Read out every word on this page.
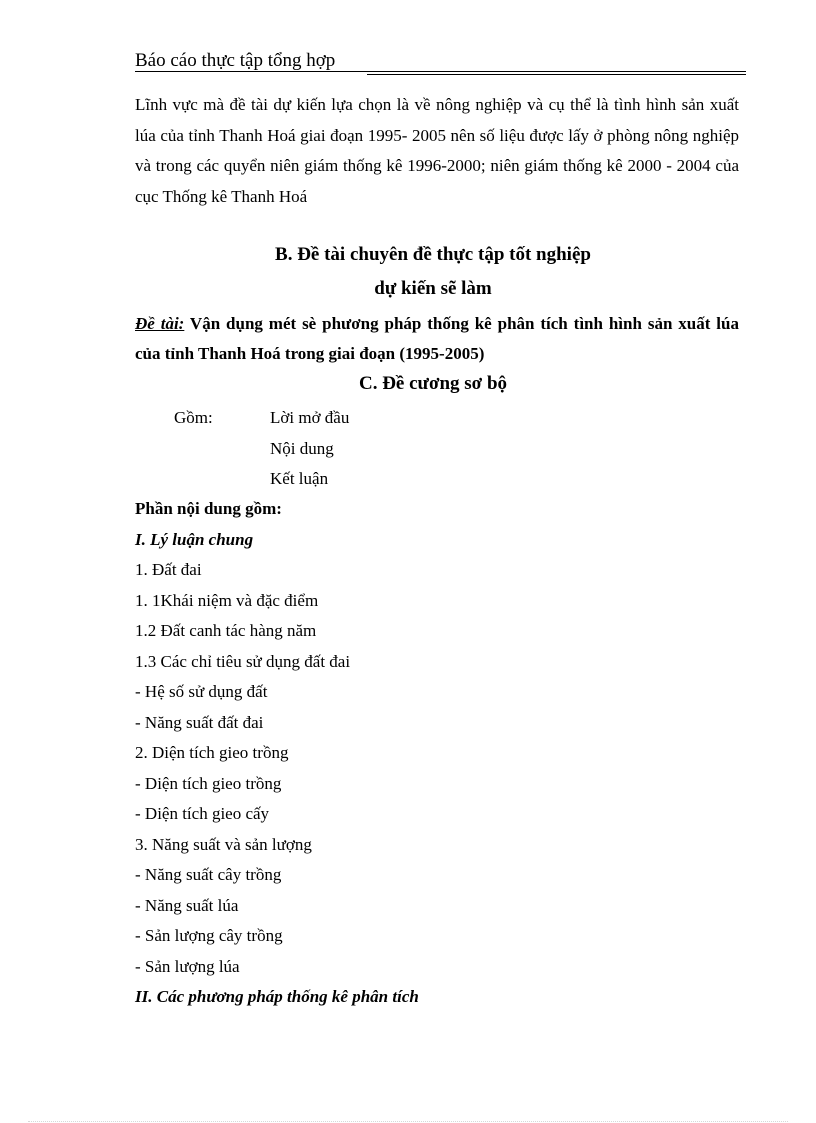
Báo cáo thực tập tổng hợp
Lĩnh vực mà đề tài dự kiến lựa chọn là về nông nghiệp và cụ thể là tình hình sản xuất lúa của tỉnh Thanh Hoá giai đoạn 1995- 2005 nên số liệu được lấy ở phòng nông nghiệp và trong các quyển niên giám thống kê 1996-2000; niên giám thống kê 2000 - 2004 của cục Thống kê Thanh Hoá
B. Đề tài chuyên đề thực tập tốt nghiệp
dự kiến sẽ làm
Đề tài: Vận dụng mét sè phương pháp thống kê phân tích tình hình sản xuất lúa của tỉnh Thanh Hoá trong giai đoạn (1995-2005)
C. Đề cương sơ bộ
Gồm:	Lời mở đầu
Nội dung
Kết luận
Phần nội dung gồm:
I. Lý luận chung
1. Đất đai
1. 1Khái niệm và đặc điểm
1.2 Đất canh tác hàng năm
1.3 Các chỉ tiêu sử dụng đất đai
- Hệ số sử dụng đất
- Năng suất đất đai
2. Diện tích gieo trồng
- Diện tích gieo trồng
- Diện tích gieo cấy
3. Năng suất và sản lượng
- Năng suất cây trồng
- Năng suất lúa
- Sản lượng cây trồng
- Sản lượng lúa
II. Các phương pháp thống kê phân tích
